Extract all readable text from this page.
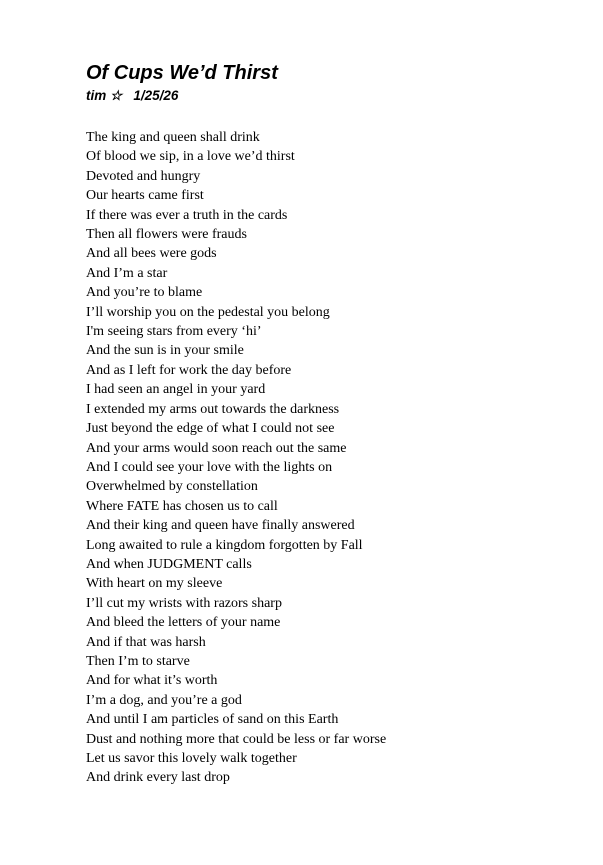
Of Cups We’d Thirst
tim ☆   1/25/26
The king and queen shall drink
Of blood we sip, in a love we’d thirst
Devoted and hungry
Our hearts came first
If there was ever a truth in the cards
Then all flowers were frauds
And all bees were gods
And I’m a star
And you’re to blame
I’ll worship you on the pedestal you belong
I'm seeing stars from every ‘hi’
And the sun is in your smile
And as I left for work the day before
I had seen an angel in your yard
I extended my arms out towards the darkness
Just beyond the edge of what I could not see
And your arms would soon reach out the same
And I could see your love with the lights on
Overwhelmed by constellation
Where FATE has chosen us to call
And their king and queen have finally answered
Long awaited to rule a kingdom forgotten by Fall
And when JUDGMENT calls
With heart on my sleeve
I’ll cut my wrists with razors sharp
And bleed the letters of your name
And if that was harsh
Then I’m to starve
And for what it’s worth
I’m a dog, and you’re a god
And until I am particles of sand on this Earth
Dust and nothing more that could be less or far worse
Let us savor this lovely walk together
And drink every last drop
